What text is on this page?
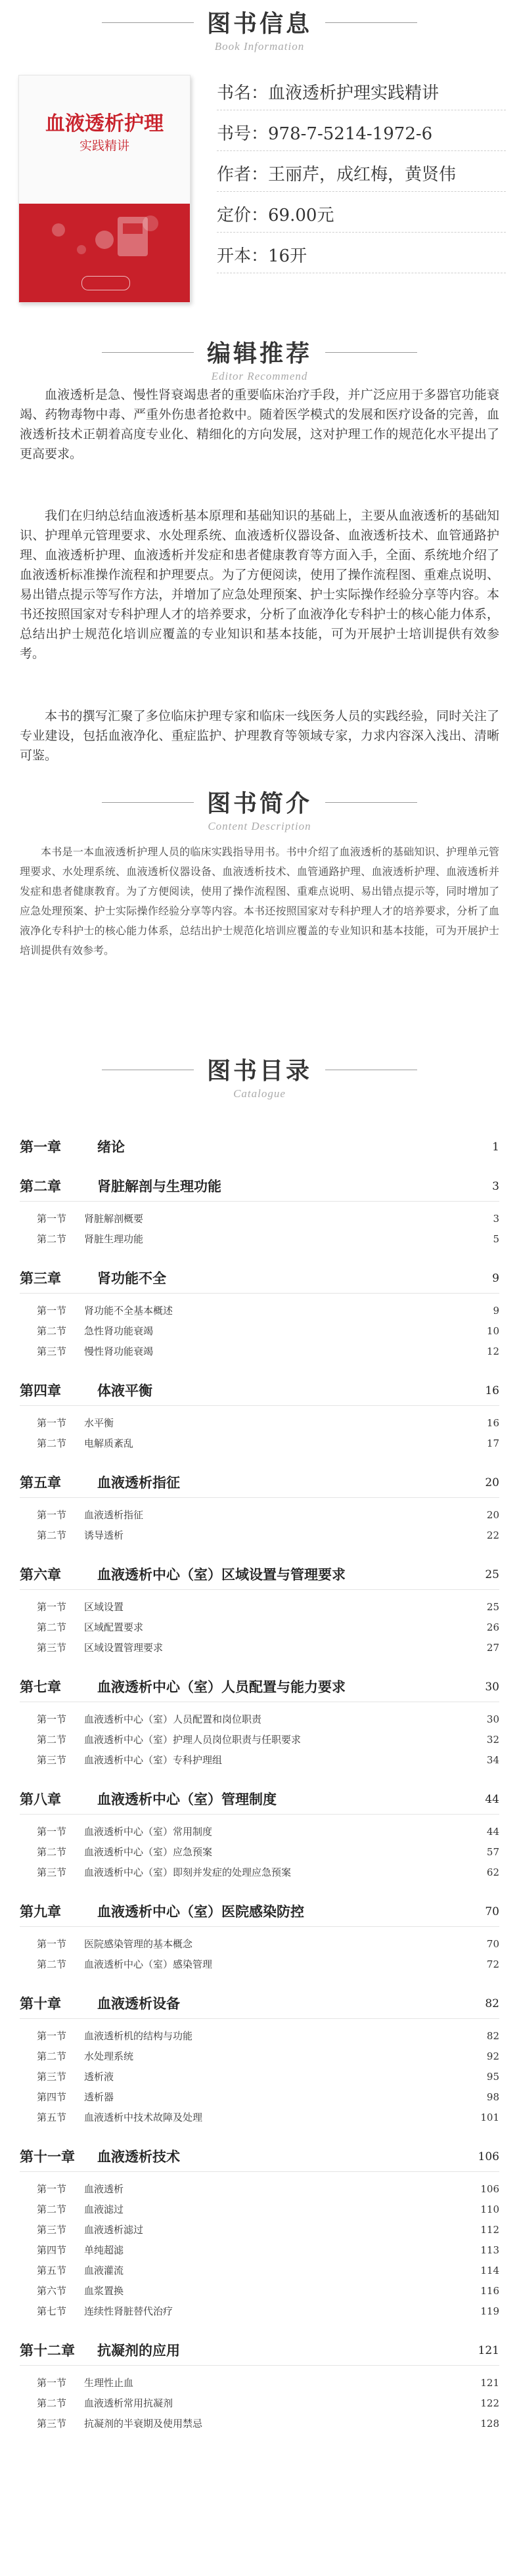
图书信息
Book Information
血液透析护理
实践精讲
书名：血液透析护理实践精讲
书号：978-7-5214-1972-6
作者：王丽芹，成红梅，黄贤伟
定价：69.00元
开本：16开
编辑推荐
Editor Recommend

血液透析是急、慢性肾衰竭患者的重要临床治疗手段，并广泛应用于多器官功能衰竭、药物毒物中毒、严重外伤患者抢救中。随着医学模式的发展和医疗设备的完善，血液透析技术正朝着高度专业化、精细化的方向发展，这对护理工作的规范化水平提出了更高要求。

我们在归纳总结血液透析基本原理和基础知识的基础上，主要从血液透析的基础知识、护理单元管理要求、水处理系统、血液透析仪器设备、血液透析技术、血管通路护理、血液透析护理、血液透析并发症和患者健康教育等方面入手，全面、系统地介绍了血液透析标准操作流程和护理要点。为了方便阅读，使用了操作流程图、重难点说明、易出错点提示等写作方法，并增加了应急处理预案、护士实际操作经验分享等内容。本书还按照国家对专科护理人才的培养要求，分析了血液净化专科护士的核心能力体系，总结出护士规范化培训应覆盖的专业知识和基本技能，可为开展护士培训提供有效参考。

本书的撰写汇聚了多位临床护理专家和临床一线医务人员的实践经验，同时关注了专业建设，包括血液净化、重症监护、护理教育等领域专家，力求内容深入浅出、清晰可鉴。

图书简介
Content Description

本书是一本血液透析护理人员的临床实践指导用书。书中介绍了血液透析的基础知识、护理单元管理要求、水处理系统、血液透析仪器设备、血液透析技术、血管通路护理、血液透析护理、血液透析并发症和患者健康教育。为了方便阅读，使用了操作流程图、重难点说明、易出错点提示等，同时增加了应急处理预案、护士实际操作经验分享等内容。本书还按照国家对专科护理人才的培养要求，分析了血液净化专科护士的核心能力体系，总结出护士规范化培训应覆盖的专业知识和基本技能，可为开展护士培训提供有效参考。

图书目录
Catalogue
第一章	绪论	1
第二章	肾脏解剖与生理功能	3
第一节 肾脏解剖概要	3
第二节 肾脏生理功能	5
第三章	肾功能不全	9
第一节 肾功能不全基本概述	9
第二节 急性肾功能衰竭	10
第三节 慢性肾功能衰竭	12
第四章	体液平衡	16
第一节 水平衡	16
第二节 电解质紊乱	17
第五章	血液透析指征	20
第一节 血液透析指征	20
第二节 诱导透析	22
第六章	血液透析中心（室）区域设置与管理要求	25
第一节 区域设置	25
第二节 区域配置要求	26
第三节 区域设置管理要求	27
第七章	血液透析中心（室）人员配置与能力要求	30
第一节 血液透析中心（室）人员配置和岗位职责	30
第二节 血液透析中心（室）护理人员岗位职责与任职要求	32
第三节 血液透析中心（室）专科护理组	34
第八章	血液透析中心（室）管理制度	44
第一节 血液透析中心（室）常用制度	44
第二节 血液透析中心（室）应急预案	57
第三节 血液透析中心（室）即刻并发症的处理应急预案	62
第九章	血液透析中心（室）医院感染防控	70
第一节 医院感染管理的基本概念	70
第二节 血液透析中心（室）感染管理	72
第十章	血液透析设备	82
第一节 血液透析机的结构与功能	82
第二节 水处理系统	92
第三节 透析液	95
第四节 透析器	98
第五节 血液透析中技术故障及处理	101
第十一章 血液透析技术	106
第一节 血液透析	106
第二节 血液滤过	110
第三节 血液透析滤过	112
第四节 单纯超滤	113
第五节 血液灌流	114
第六节 血浆置换	116
第七节 连续性肾脏替代治疗	119
第十二章 抗凝剂的应用	121
第一节 生理性止血	121
第二节 血液透析常用抗凝剂	122
第三节 抗凝剂的半衰期及使用禁忌	128
